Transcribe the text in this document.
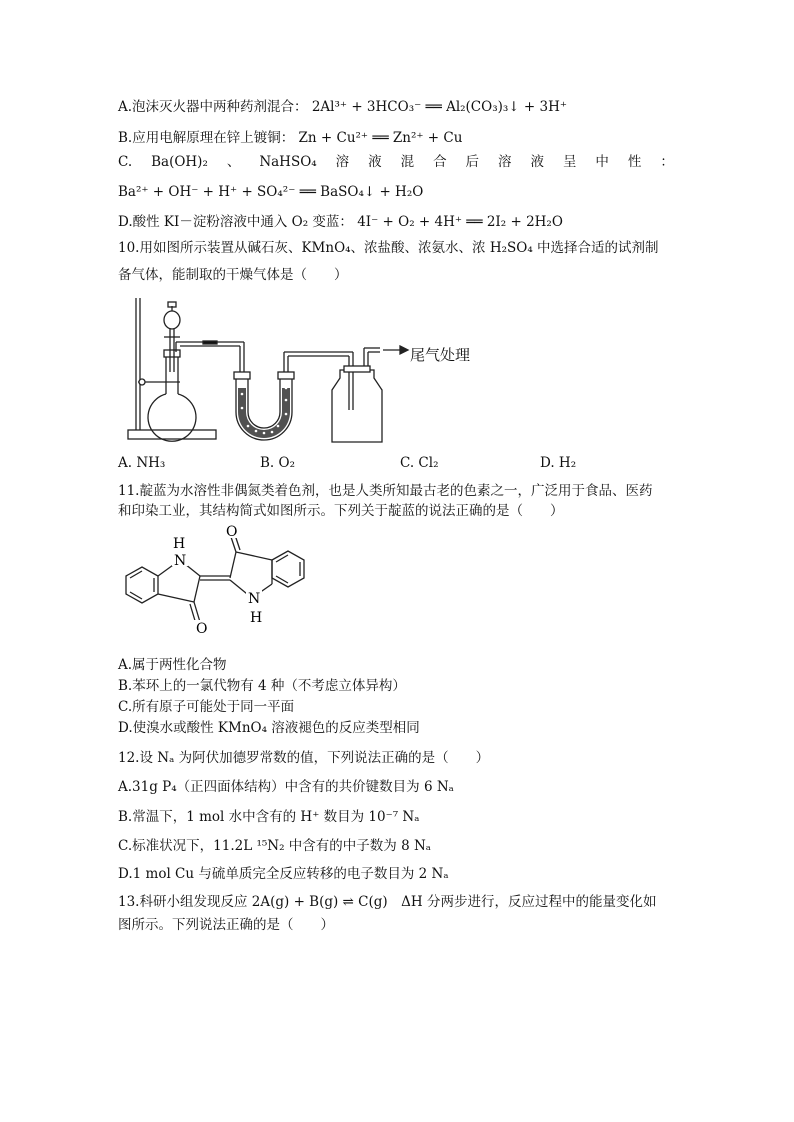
A.泡沫灭火器中两种药剂混合： 2Al³⁺ + 3HCO₃⁻ ══ Al₂(CO₃)₃↓ + 3H⁺
B.应用电解原理在锌上镀铜： Zn + Cu²⁺ ══ Zn²⁺ + Cu
C. Ba(OH)₂ 、 NaHSO₄ 溶 液 混 合 后 溶 液 呈 中 性 ：
Ba²⁺ + OH⁻ + H⁺ + SO₄²⁻ ══ BaSO₄↓ + H₂O
D.酸性 KI－淀粉溶液中通入 O₂ 变蓝： 4I⁻ + O₂ + 4H⁺ ══ 2I₂ + 2H₂O
10.用如图所示装置从碱石灰、KMnO₄、浓盐酸、浓氨水、浓 H₂SO₄ 中选择合适的试剂制
备气体，能制取的干燥气体是（　　）
尾气处理
A. NH₃	B. O₂	C. Cl₂	D. H₂
11.靛蓝为水溶性非偶氮类着色剂，也是人类所知最古老的色素之一，广泛用于食品、医药
和印染工业，其结构简式如图所示。下列关于靛蓝的说法正确的是（　　）
H
N
O
N
H
O
A.属于两性化合物
B.苯环上的一氯代物有 4 种（不考虑立体异构）
C.所有原子可能处于同一平面
D.使溴水或酸性 KMnO₄ 溶液褪色的反应类型相同
12.设 Nₐ 为阿伏加德罗常数的值，下列说法正确的是（　　）
A.31g P₄（正四面体结构）中含有的共价键数目为 6 Nₐ
B.常温下，1 mol 水中含有的 H⁺ 数目为 10⁻⁷ Nₐ
C.标准状况下，11.2L ¹⁵N₂ 中含有的中子数为 8 Nₐ
D.1 mol Cu 与硫单质完全反应转移的电子数目为 2 Nₐ
13.科研小组发现反应 2A(g) + B(g) ⇌ C(g)　ΔH 分两步进行，反应过程中的能量变化如
图所示。下列说法正确的是（　　）
